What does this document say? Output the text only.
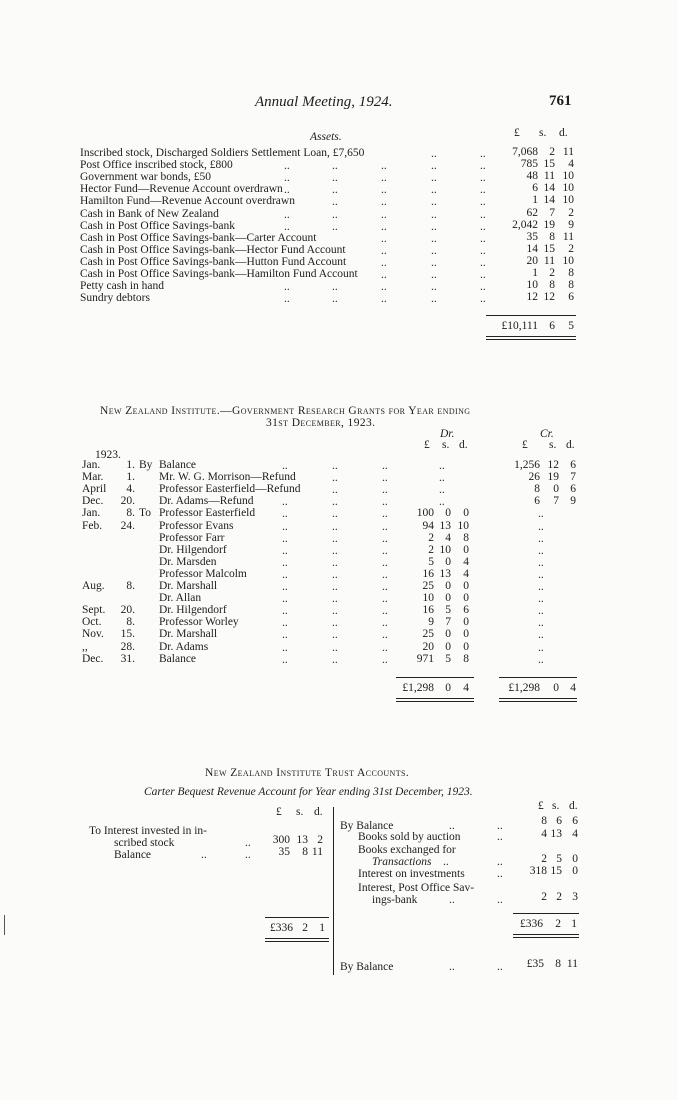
Annual Meeting, 1924.	761
Assets.	£ s. d.
Inscribed stock, Discharged Soldiers Settlement Loan, £7,650	..	..	7,068 2 11
Post Office inscribed stock, £800	..	..	..	..	..	785 15	4
Government war bonds, £50	..	..	..	..	..	48 11 10
Hector Fund—Revenue Account overdrawn ..	..	..	..	..	6 14 10
Hamilton Fund—Revenue Account overdrawn	..	..	..	..	1 14 10
Cash in Bank of New Zealand	..	..	..	..	..	62 7	2
Cash in Post Office Savings-bank	..	..	..	..	..	2,042 19	9
Cash in Post Office Savings-bank—Carter Account	..	..	..	35 8 11
Cash in Post Office Savings-bank—Hector Fund Account	..	..	..	14 15	2
Cash in Post Office Savings-bank—Hutton Fund Account	..	..	..	20 11 10
Cash in Post Office Savings-bank—Hamilton Fund Account ..	..	..	1 2	8
Petty cash in hand	..	..	..	..	..	10 8	8
Sundry debtors	..	..	..	..	..	12 12	6
£10,111 6	5
New Zealand Institute.—Government Research Grants for Year ending
31st December, 1923.
Dr.	Cr.
£ s. d.	£ s. d.
1923.
Jan.	1. By Balance	..	..	..	..	1,256 12 6
Mar.	1. Mr. W. G. Morrison—Refund	..	..	..	26 19 7
April	4. Professor Easterfield—Refund	..	..	..	8	0 6
Dec.	20. Dr. Adams—Refund ..	..	..	..	6	7 9
Jan.	8. To Professor Easterfield ..	..	..	100 0	0	..
Feb.	24. Professor Evans	..	..	..	94 13 10	..
Professor Farr	..	..	..	2 4	8	..
Dr. Hilgendorf	..	..	..	2 10	0	..
Dr. Marsden	..	..	..	5 0	4	..
Professor Malcolm	..	..	..	16 13	4	..
Aug.	8. Dr. Marshall	..	..	..	25 0	0	..
Dr. Allan	..	..	..	10 0	0	..
Sept.	20. Dr. Hilgendorf	..	..	..	16 5	6	..
Oct.	8. Professor Worley	..	..	..	9 7	0	..
Nov.	15. Dr. Marshall	..	..	..	25 0	0	..
,,	28. Dr. Adams	..	..	..	20 0	0	..
Dec.	31. Balance	..	..	..	971 5	8	..
£1,298 0	4	£1,298	0 4
New Zealand Institute Trust Accounts.
Carter Bequest Revenue Account for Year ending 31st December, 1923.
£ s. d.
To Interest invested in in-
scribed stock	..	300 13 2
Balance	..	..	35	8 11
£336 2 1
£ s. d.
By Balance	..	..	8 6 6
Books sold by auction	..	4 13 4
Books exchanged for
Transactions ..	..	2 5 0
Interest on investments	..	318 15 0
Interest, Post Office Sav-
ings-bank	..	..	2 2 3
£336	2 1
By Balance	..	..	£35 8 11
